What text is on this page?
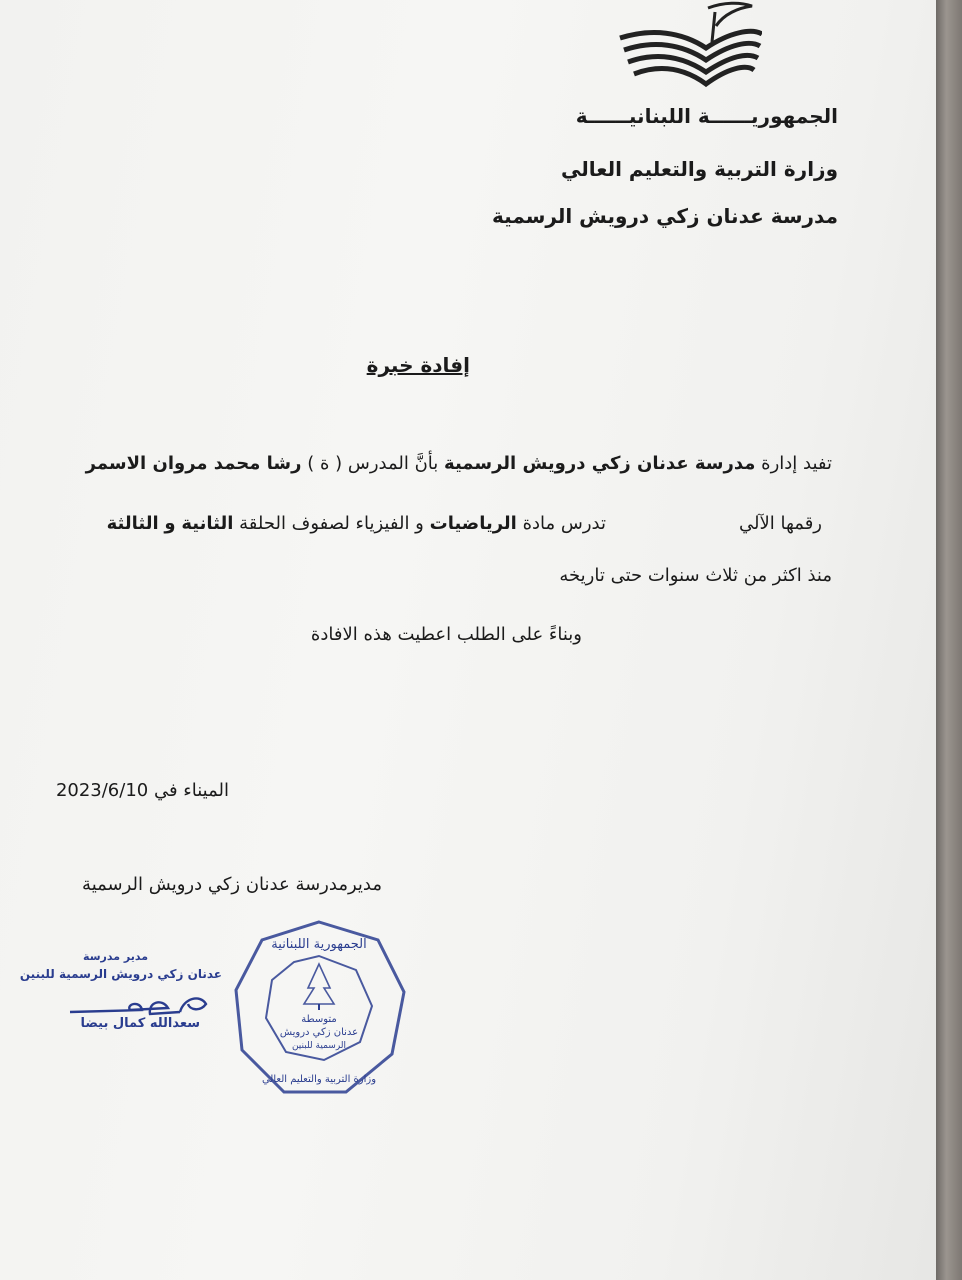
الجمهوريــــــة اللبنانيــــــة
وزارة التربية والتعليم العالي
مدرسة عدنان زكي درويش الرسمية
إفادة خبرة
تفيد إدارة مدرسة عدنان زكي درويش الرسمية بأنَّ المدرس ( ة ) رشا محمد مروان الاسمر
رقمها الآلي
تدرس مادة الرياضيات و الفيزياء لصفوف الحلقة الثانية و الثالثة
منذ اكثر من ثلاث سنوات حتى تاريخه
وبناءً على الطلب اعطيت هذه الافادة
الميناء في 2023/6/10
مديرمدرسة عدنان زكي درويش الرسمية
مدير مدرسة
عدنان زكي درويش الرسمية للبنين
سعدالله كمال بيضا
الجمهورية اللبنانية
وزارة التربية والتعليم العالي
متوسطة
عدنان زكي درويش
الرسمية للبنين
